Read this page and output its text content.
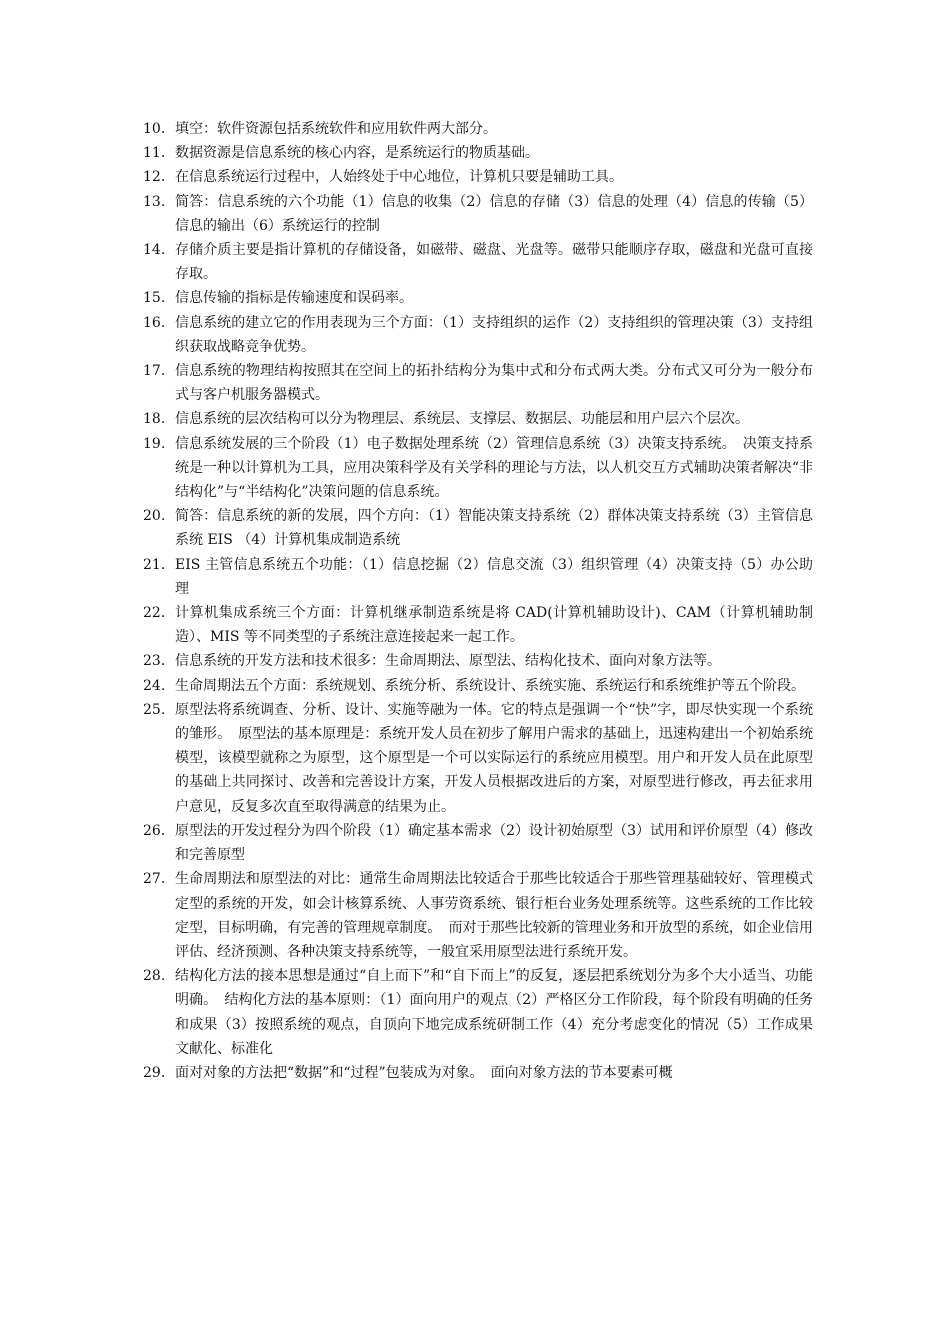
10. 填空：软件资源包括系统软件和应用软件两大部分。
11. 数据资源是信息系统的核心内容，是系统运行的物质基础。
12. 在信息系统运行过程中，人始终处于中心地位，计算机只要是辅助工具。
13. 简答：信息系统的六个功能（1）信息的收集（2）信息的存储（3）信息的处理（4）信息的传输（5）信息的输出（6）系统运行的控制
14. 存储介质主要是指计算机的存储设备，如磁带、磁盘、光盘等。磁带只能顺序存取，磁盘和光盘可直接存取。
15. 信息传输的指标是传输速度和误码率。
16. 信息系统的建立它的作用表现为三个方面：（1）支持组织的运作（2）支持组织的管理决策（3）支持组织获取战略竞争优势。
17. 信息系统的物理结构按照其在空间上的拓扑结构分为集中式和分布式两大类。分布式又可分为一般分布式与客户机服务器模式。
18. 信息系统的层次结构可以分为物理层、系统层、支撑层、数据层、功能层和用户层六个层次。
19. 信息系统发展的三个阶段（1）电子数据处理系统（2）管理信息系统（3）决策支持系统。　决策支持系统是一种以计算机为工具，应用决策科学及有关学科的理论与方法，以人机交互方式辅助决策者解决“非结构化”与“半结构化”决策问题的信息系统。
20. 简答：信息系统的新的发展，四个方向：（1）智能决策支持系统（2）群体决策支持系统（3）主管信息系统 EIS （4）计算机集成制造系统
21． EIS 主管信息系统五个功能：（1）信息挖掘（2）信息交流（3）组织管理（4）决策支持（5）办公助理
22. 计算机集成系统三个方面：计算机继承制造系统是将 CAD(计算机辅助设计)、CAM（计算机辅助制造）、MIS 等不同类型的子系统注意连接起来一起工作。
23. 信息系统的开发方法和技术很多：生命周期法、原型法、结构化技术、面向对象方法等。
24. 生命周期法五个方面：系统规划、系统分析、系统设计、系统实施、系统运行和系统维护等五个阶段。
25. 原型法将系统调查、分析、设计、实施等融为一体。它的特点是强调一个“快”字，即尽快实现一个系统的雏形。　原型法的基本原理是：系统开发人员在初步了解用户需求的基础上，迅速构建出一个初始系统模型，该模型就称之为原型，这个原型是一个可以实际运行的系统应用模型。用户和开发人员在此原型的基础上共同探讨、改善和完善设计方案，开发人员根据改进后的方案，对原型进行修改，再去征求用户意见，反复多次直至取得满意的结果为止。
26． 原型法的开发过程分为四个阶段（1）确定基本需求（2）设计初始原型（3）试用和评价原型（4）修改和完善原型
27. 生命周期法和原型法的对比：通常生命周期法比较适合于那些比较适合于那些管理基础较好、管理模式定型的系统的开发，如会计核算系统、人事劳资系统、银行柜台业务处理系统等。这些系统的工作比较定型，目标明确，有完善的管理规章制度。　而对于那些比较新的管理业务和开放型的系统，如企业信用评估、经济预测、各种决策支持系统等，一般宜采用原型法进行系统开发。
28. 结构化方法的接本思想是通过“自上而下”和“自下而上”的反复，逐层把系统划分为多个大小适当、功能明确。　结构化方法的基本原则：（1）面向用户的观点（2）严格区分工作阶段，每个阶段有明确的任务和成果（3）按照系统的观点，自顶向下地完成系统研制工作（4）充分考虑变化的情况（5）工作成果文献化、标准化
29. 面对对象的方法把“数据”和“过程”包装成为对象。　面向对象方法的节本要素可概
